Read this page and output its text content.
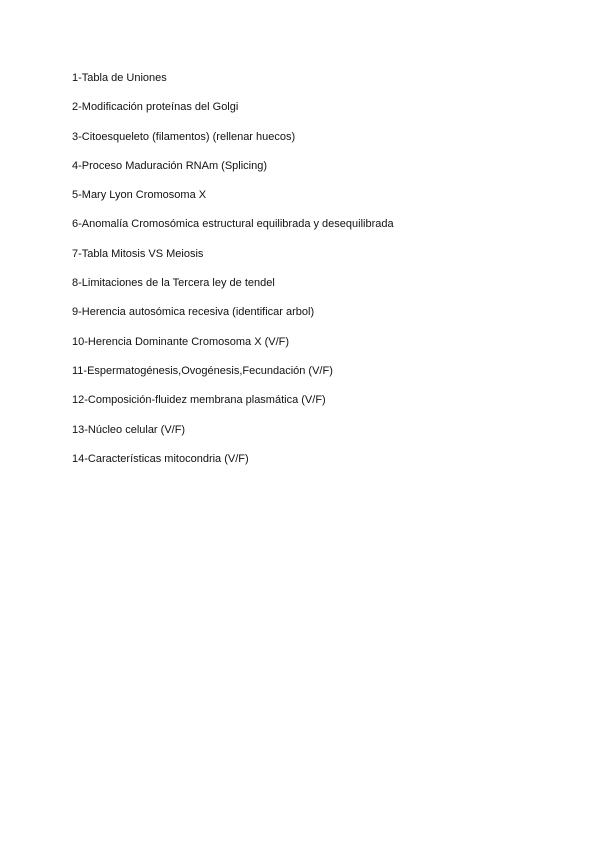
1-Tabla de Uniones
2-Modificación proteínas del Golgi
3-Citoesqueleto (filamentos) (rellenar huecos)
4-Proceso Maduración RNAm (Splicing)
5-Mary Lyon Cromosoma X
6-Anomalía Cromosómica estructural equilibrada y desequilibrada
7-Tabla Mitosis VS Meiosis
8-Limitaciones de la Tercera ley de tendel
9-Herencia autosómica recesiva (identificar arbol)
10-Herencia Dominante Cromosoma X (V/F)
11-Espermatogénesis,Ovogénesis,Fecundación (V/F)
12-Composición-fluidez membrana plasmática (V/F)
13-Núcleo celular (V/F)
14-Características mitocondria (V/F)
